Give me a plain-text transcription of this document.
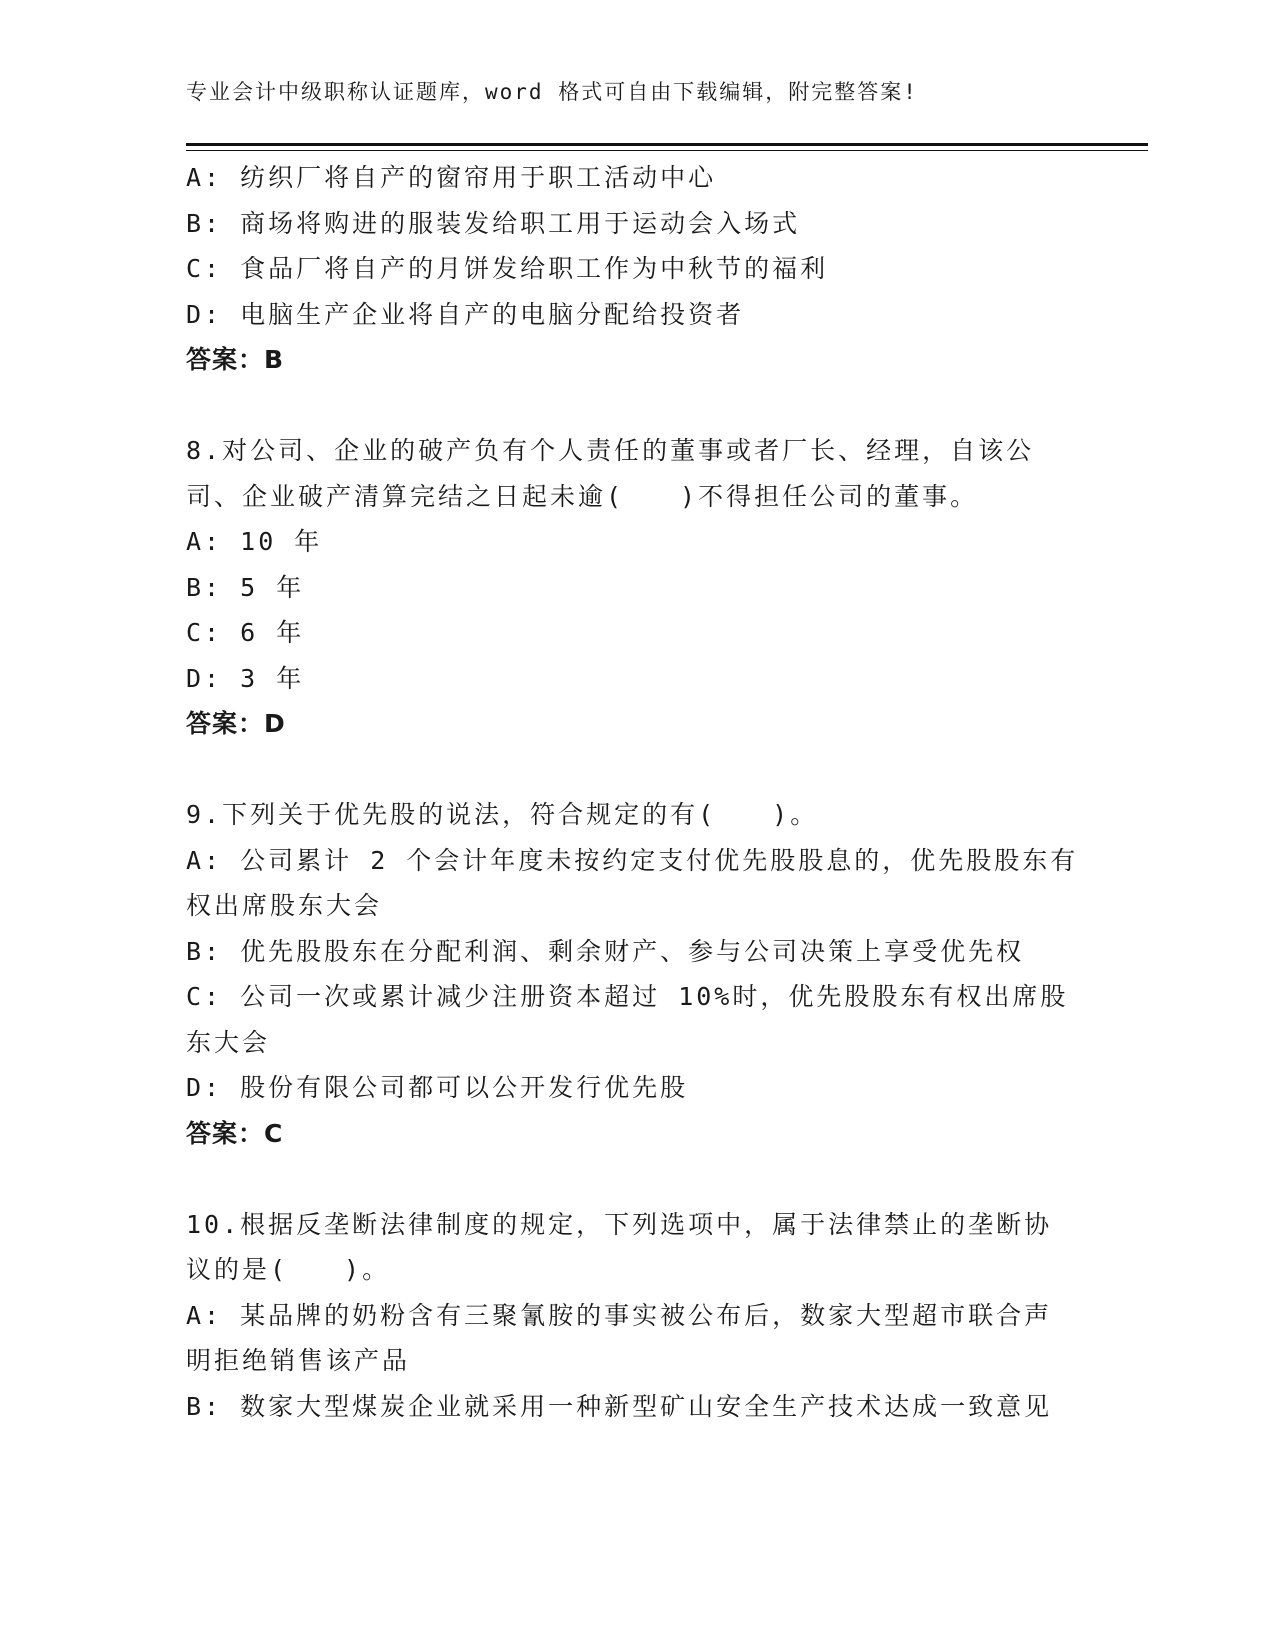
专业会计中级职称认证题库，word 格式可自由下载编辑，附完整答案!
A: 纺织厂将自产的窗帘用于职工活动中心
B: 商场将购进的服装发给职工用于运动会入场式
C: 食品厂将自产的月饼发给职工作为中秋节的福利
D: 电脑生产企业将自产的电脑分配给投资者
答案：B
8.对公司、企业的破产负有个人责任的董事或者厂长、经理，自该公
司、企业破产清算完结之日起未逾(　　)不得担任公司的董事。
A: 10 年
B: 5 年
C: 6 年
D: 3 年
答案：D
9.下列关于优先股的说法，符合规定的有(　　)。
A: 公司累计 2 个会计年度未按约定支付优先股股息的，优先股股东有
权出席股东大会
B: 优先股股东在分配利润、剩余财产、参与公司决策上享受优先权
C: 公司一次或累计减少注册资本超过 10%时，优先股股东有权出席股
东大会
D: 股份有限公司都可以公开发行优先股
答案：C
10.根据反垄断法律制度的规定，下列选项中，属于法律禁止的垄断协
议的是(　　)。
A: 某品牌的奶粉含有三聚氰胺的事实被公布后，数家大型超市联合声
明拒绝销售该产品
B: 数家大型煤炭企业就采用一种新型矿山安全生产技术达成一致意见
